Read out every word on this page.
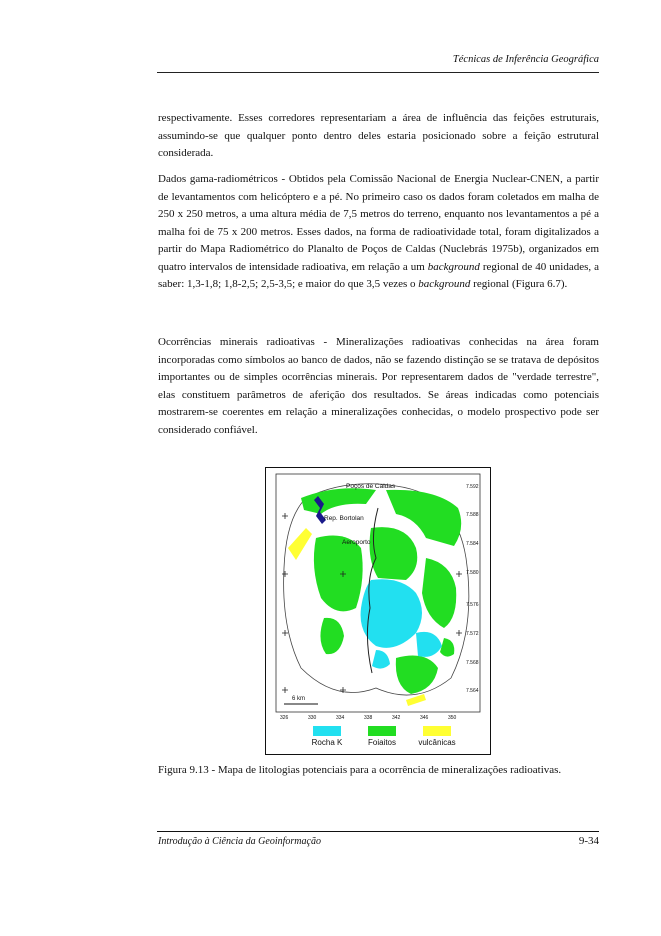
Técnicas de Inferência Geográfica

respectivamente. Esses corredores representariam a área de influência das feições estruturais, assumindo-se que qualquer ponto dentro deles estaria posicionado sobre a feição estrutural considerada.

Dados gama-radiométricos - Obtidos pela Comissão Nacional de Energia Nuclear-CNEN, a partir de levantamentos com helicóptero e a pé. No primeiro caso os dados foram coletados em malha de 250 x 250 metros, a uma altura média de 7,5 metros do terreno, enquanto nos levantamentos a pé a malha foi de 75 x 200 metros. Esses dados, na forma de radioatividade total, foram digitalizados a partir do Mapa Radiométrico do Planalto de Poços de Caldas (Nuclebrás 1975b), organizados em quatro intervalos de intensidade radioativa, em relação a um background regional de 40 unidades, a saber: 1,3-1,8; 1,8-2,5; 2,5-3,5; e maior do que 3,5 vezes o background regional (Figura 6.7).

Ocorrências minerais radioativas - Mineralizações radioativas conhecidas na área foram incorporadas como símbolos ao banco de dados, não se fazendo distinção se se tratava de depósitos importantes ou de simples ocorrências minerais. Por representarem dados de "verdade terrestre", elas constituem parâmetros de aferição dos resultados. Se áreas indicadas como potenciais mostrarem-se coerentes em relação a mineralizações conhecidas, o modelo prospectivo pode ser considerado confiável.

Poços de Caldas
Rep. Bortolan
Aeroporto
7.592
7.588
7.584
7.580
7.576
7.572
7.568
7.564
6 km
326	330	334	338	342	346	350
Rocha K	Foiaitos	vulcânicas

Figura 9.13 - Mapa de litologias potenciais para a ocorrência de mineralizações radioativas.

Introdução à Ciência da Geoinformação	9-34
